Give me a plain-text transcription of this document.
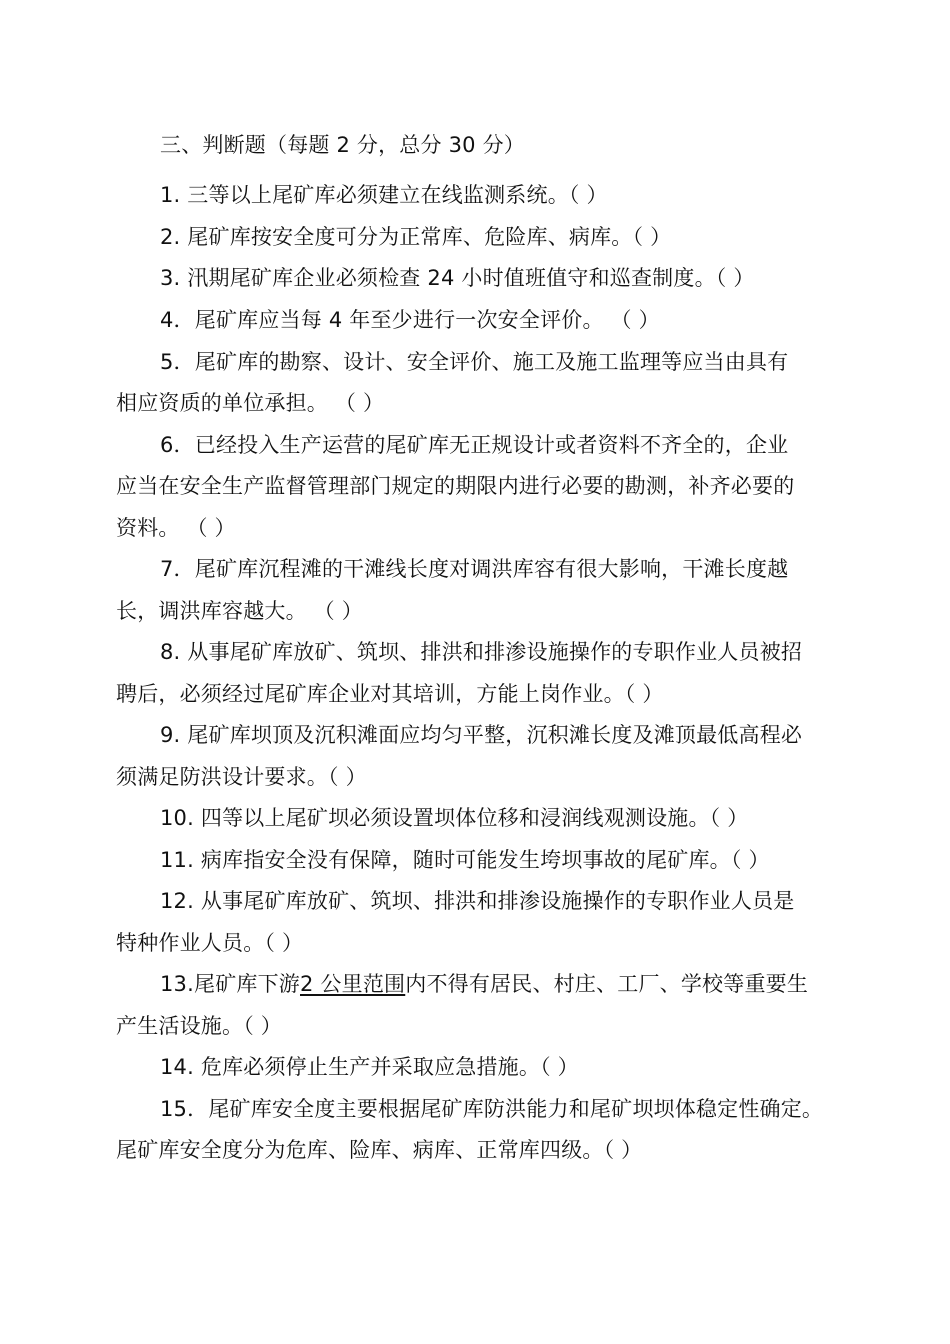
三、判断题（每题 2 分，总分 30 分）
1. 三等以上尾矿库必须建立在线监测系统。（ ）
2. 尾矿库按安全度可分为正常库、危险库、病库。（ ）
3. 汛期尾矿库企业必须检查 24 小时值班值守和巡查制度。（ ）
4．尾矿库应当每 4 年至少进行一次安全评价。 （ ）
5．尾矿库的勘察、设计、安全评价、施工及施工监理等应当由具有
相应资质的单位承担。 （ ）
6．已经投入生产运营的尾矿库无正规设计或者资料不齐全的，企业
应当在安全生产监督管理部门规定的期限内进行必要的勘测，补齐必要的
资料。 （ ）
7．尾矿库沉程滩的干滩线长度对调洪库容有很大影响，干滩长度越
长，调洪库容越大。 （ ）
8. 从事尾矿库放矿、筑坝、排洪和排渗设施操作的专职作业人员被招
聘后，必须经过尾矿库企业对其培训，方能上岗作业。（ ）
9. 尾矿库坝顶及沉积滩面应均匀平整，沉积滩长度及滩顶最低高程必
须满足防洪设计要求。（ ）
10. 四等以上尾矿坝必须设置坝体位移和浸润线观测设施。（ ）
11. 病库指安全没有保障，随时可能发生垮坝事故的尾矿库。（ ）
12. 从事尾矿库放矿、筑坝、排洪和排渗设施操作的专职作业人员是
特种作业人员。（ ）
13.尾矿库下游2 公里范围内不得有居民、村庄、工厂、学校等重要生
产生活设施。（ ）
14. 危库必须停止生产并采取应急措施。（ ）
15．尾矿库安全度主要根据尾矿库防洪能力和尾矿坝坝体稳定性确定。
尾矿库安全度分为危库、险库、病库、正常库四级。（ ）
